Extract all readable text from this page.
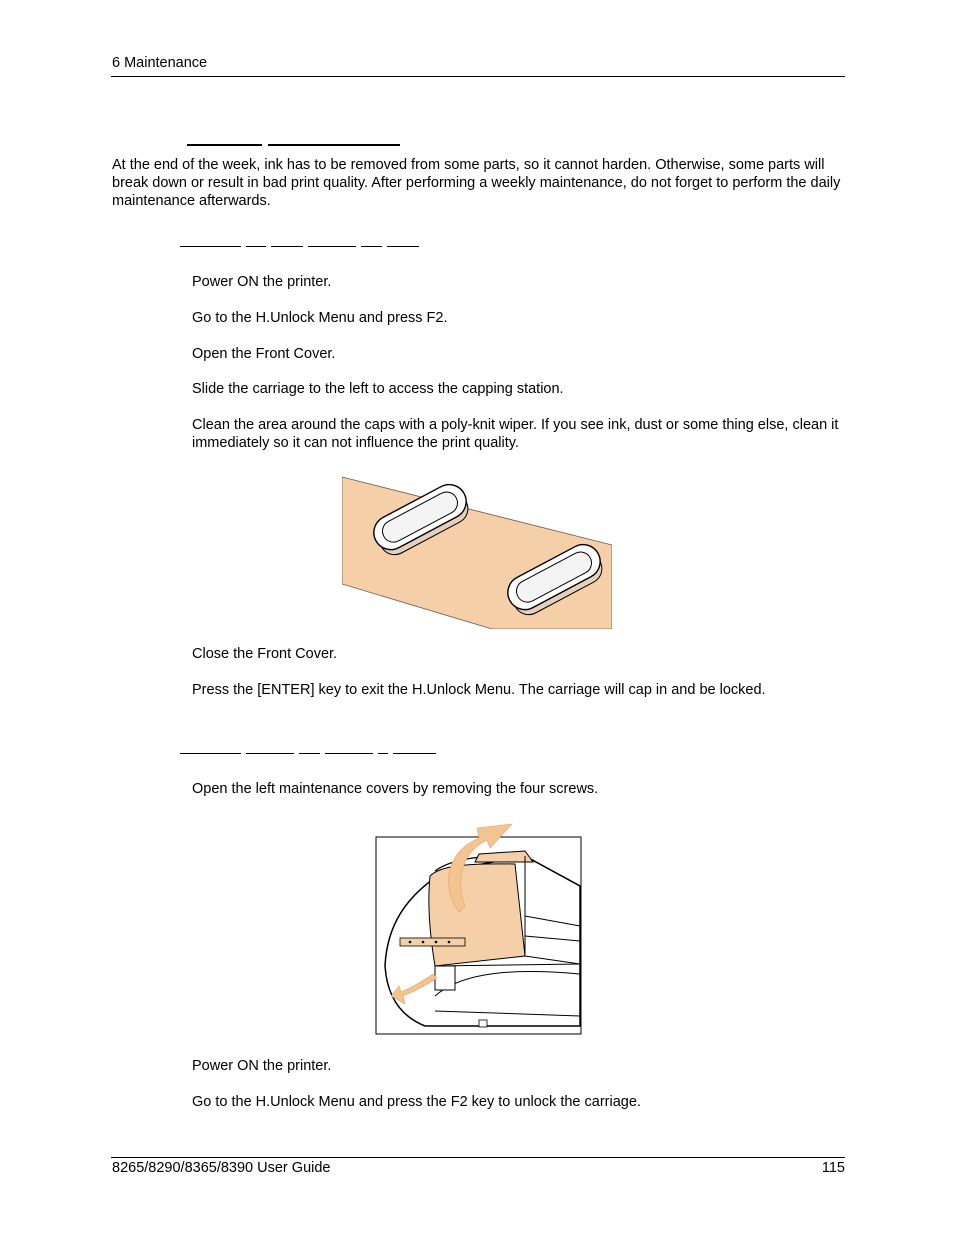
6 Maintenance
At the end of the week, ink has to be removed from some parts, so it cannot harden. Otherwise, some parts will break down or result in bad print quality. After performing a weekly maintenance, do not forget to perform the daily maintenance afterwards.
Power ON the printer.
Go to the H.Unlock Menu and press F2.
Open the Front Cover.
Slide the carriage to the left to access the capping station.
Clean the area around the caps with a poly-knit wiper. If you see ink, dust or some thing else, clean it immediately so it can not influence the print quality.
Close the Front Cover.
Press the [ENTER] key to exit the H.Unlock Menu. The carriage will cap in and be locked.
Open the left maintenance covers by removing the four screws.
Power ON the printer.
Go to the H.Unlock Menu and press the F2 key to unlock the carriage.
8265/8290/8365/8390 User Guide	115
